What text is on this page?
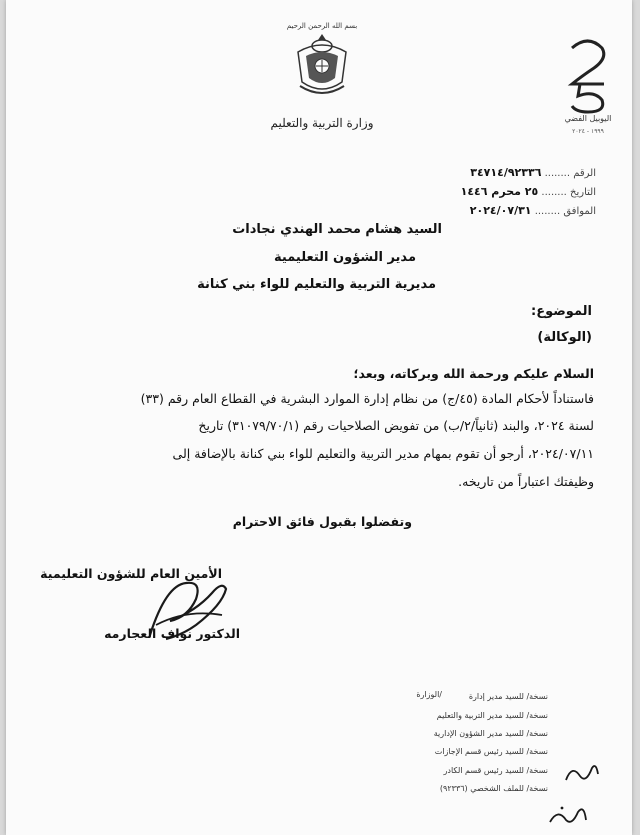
بسم الله الرحمن الرحيم
وزارة التربية والتعليم	اليوبيل الفضي
١٩٩٩ - ٢٠٢٤
الرقم ........ ٣٤٧١٤/٩٢٣٣٦
التاريخ ........ ٢٥ محرم ١٤٤٦
الموافق ........ ٢٠٢٤/٠٧/٣١
السيد هشام محمد الهندي نجادات
مدير الشؤون التعليمية
مديرية التربية والتعليم للواء بني كنانة
الموضوع:
(الوكالة)
السلام عليكم ورحمة الله وبركاته، وبعد؛
فاستناداً لأحكام المادة (٤٥/ج) من نظام إدارة الموارد البشرية في القطاع العام رقم (٣٣)
لسنة ٢٠٢٤، والبند (ثانياً/٢/ب) من تفويض الصلاحيات رقم (٣١٠٧٩/٧٠/١) تاريخ
٢٠٢٤/٠٧/١١، أرجو أن تقوم بمهام مدير التربية والتعليم للواء بني كنانة بالإضافة إلى
وظيفتك اعتباراً من تاريخه.
وتفضلوا بقبول فائق الاحترام
الأمين العام للشؤون التعليمية
الدكتور نواف العجارمه
/الوزارة	نسخة/ للسيد مدير إدارة
نسخة/ للسيد مدير التربية والتعليم
نسخة/ للسيد مدير الشؤون الإدارية
نسخة/ للسيد رئيس قسم الإجازات
نسخة/ للسيد رئيس قسم الكادر
نسخة/ للملف الشخصي (٩٢٣٣٦)
